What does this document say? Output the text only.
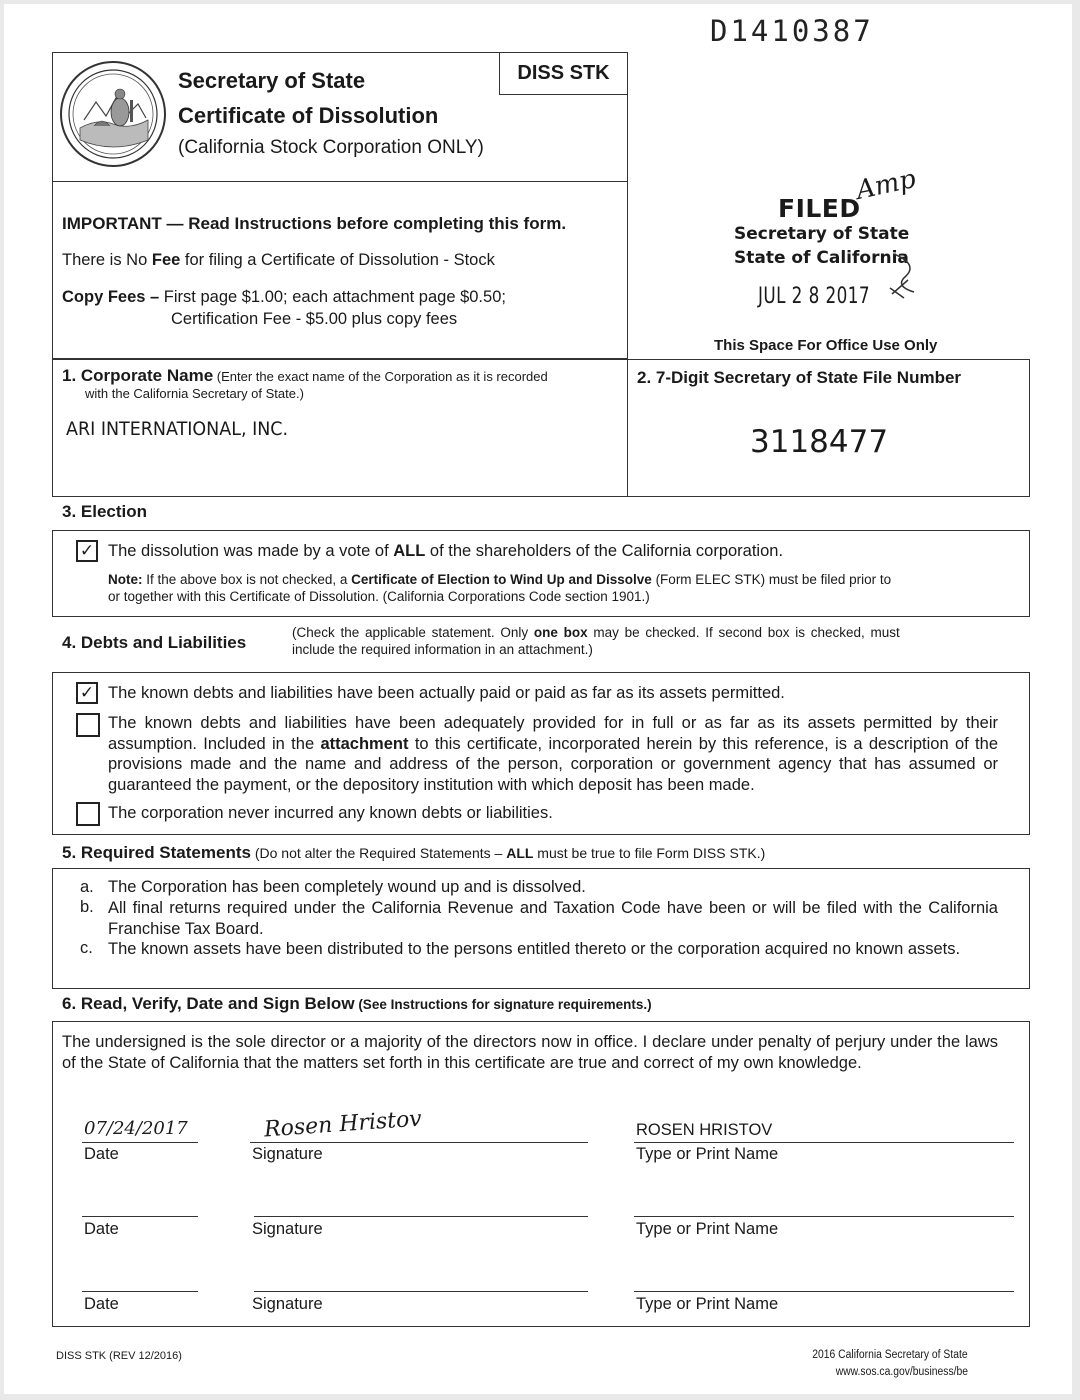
D1410387
DISS STK
Secretary of State
Certificate of Dissolution
(California Stock Corporation ONLY)
IMPORTANT — Read Instructions before completing this form.
There is No Fee for filing a Certificate of Dissolution - Stock
Copy Fees – First page $1.00; each attachment page $0.50;
Certification Fee - $5.00 plus copy fees
FILED
Amp
Secretary of State
State of California
JUL 2 8 2017
This Space For Office Use Only
1. Corporate Name (Enter the exact name of the Corporation as it is recorded
with the California Secretary of State.)
ARI INTERNATIONAL, INC.
2. 7-Digit Secretary of State File Number
3118477
3. Election
✓ The dissolution was made by a vote of ALL of the shareholders of the California corporation.
Note: If the above box is not checked, a Certificate of Election to Wind Up and Dissolve (Form ELEC STK) must be filed prior to
or together with this Certificate of Dissolution. (California Corporations Code section 1901.)
4. Debts and Liabilities
(Check the applicable statement. Only one box may be checked. If second box is checked, must
include the required information in an attachment.)
✓ The known debts and liabilities have been actually paid or paid as far as its assets permitted.
The known debts and liabilities have been adequately provided for in full or as far as its assets permitted by their assumption. Included in the attachment to this certificate, incorporated herein by this reference, is a description of the provisions made and the name and address of the person, corporation or government agency that has assumed or guaranteed the payment, or the depository institution with which deposit has been made.
The corporation never incurred any known debts or liabilities.
5. Required Statements (Do not alter the Required Statements – ALL must be true to file Form DISS STK.)
a. The Corporation has been completely wound up and is dissolved.
b. All final returns required under the California Revenue and Taxation Code have been or will be filed with the California Franchise Tax Board.
c. The known assets have been distributed to the persons entitled thereto or the corporation acquired no known assets.
6. Read, Verify, Date and Sign Below (See Instructions for signature requirements.)
The undersigned is the sole director or a majority of the directors now in office. I declare under penalty of perjury under the laws of the State of California that the matters set forth in this certificate are true and correct of my own knowledge.
07/24/2017
Date
Rosen Hristov
Signature
ROSEN HRISTOV
Type or Print Name
Date	Signature	Type or Print Name
Date	Signature	Type or Print Name
DISS STK (REV 12/2016)	2016 California Secretary of State
www.sos.ca.gov/business/be
